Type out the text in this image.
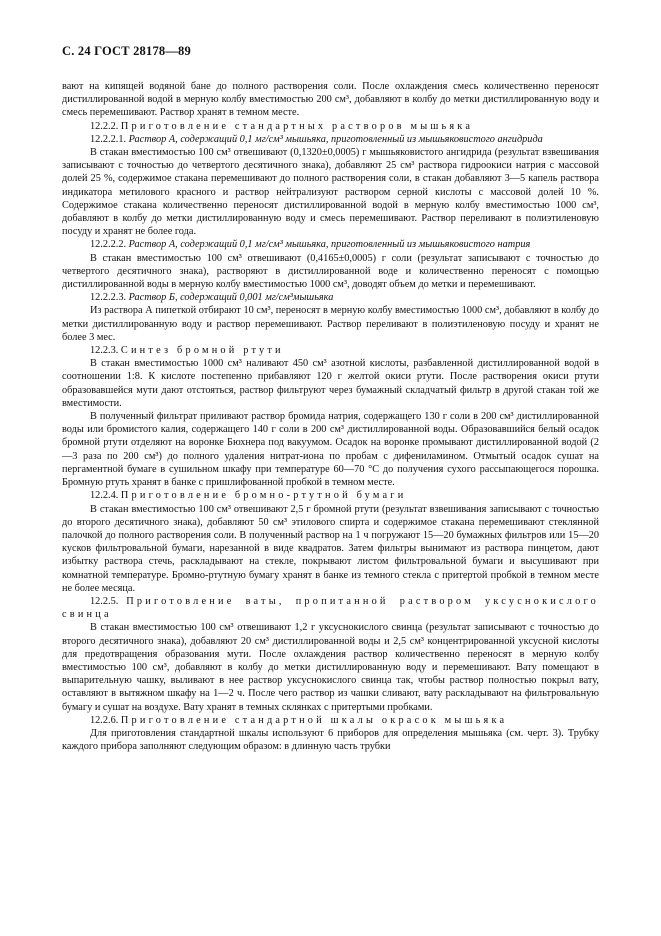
С. 24 ГОСТ 28178—89

вают на кипящей водяной бане до полного растворения соли. После охлаждения смесь количественно переносят дистиллированной водой в мерную колбу вместимостью 200 см³, добавляют в колбу до метки дистиллированную воду и смесь перемешивают. Раствор хранят в темном месте.

12.2.2. Приготовление стандартных растворов мышьяка

12.2.2.1. Раствор А, содержащий 0,1 мг/см³ мышьяка, приготовленный из мышьяковистого ангидрида

В стакан вместимостью 100 см³ отвешивают (0,1320±0,0005) г мышьяковистого ангидрида (результат взвешивания записывают с точностью до четвертого десятичного знака), добавляют 25 см³ раствора гидроокиси натрия с массовой долей 25 %, содержимое стакана перемешивают до полного растворения соли, в стакан добавляют 3—5 капель раствора индикатора метилового красного и раствор нейтрализуют раствором серной кислоты с массовой долей 10 %. Содержимое стакана количественно переносят дистиллированной водой в мерную колбу вместимостью 1000 см³, добавляют в колбу до метки дистиллированную воду и смесь перемешивают. Раствор переливают в полиэтиленовую посуду и хранят не более года.

12.2.2.2. Раствор А, содержащий 0,1 мг/см³ мышьяка, приготовленный из мышьяковистого натрия

В стакан вместимостью 100 см³ отвешивают (0,4165±0,0005) г соли (результат записывают с точностью до четвертого десятичного знака), растворяют в дистиллированной воде и количественно переносят с помощью дистиллированной воды в мерную колбу вместимостью 1000 см³, доводят объем до метки и перемешивают.

12.2.2.3. Раствор Б, содержащий 0,001 мг/см³мышьяка

Из раствора А пипеткой отбирают 10 см³, переносят в мерную колбу вместимостью 1000 см³, добавляют в колбу до метки дистиллированную воду и раствор перемешивают. Раствор переливают в полиэтиленовую посуду и хранят не более 3 мес.

12.2.3. Синтез бромной ртути

В стакан вместимостью 1000 см³ наливают 450 см³ азотной кислоты, разбавленной дистиллированной водой в соотношении 1:8. К кислоте постепенно прибавляют 120 г желтой окиси ртути. После растворения окиси ртути образовавшейся мути дают отстояться, раствор фильтруют через бумажный складчатый фильтр в другой стакан той же вместимости.

В полученный фильтрат приливают раствор бромида натрия, содержащего 130 г соли в 200 см³ дистиллированной воды или бромистого калия, содержащего 140 г соли в 200 см³ дистиллированной воды. Образовавшийся белый осадок бромной ртути отделяют на воронке Бюхнера под вакуумом. Осадок на воронке промывают дистиллированной водой (2—3 раза по 200 см³) до полного удаления нитрат-иона по пробам с дифениламином. Отмытый осадок сушат на пергаментной бумаге в сушильном шкафу при температуре 60—70 °С до получения сухого рассыпающегося порошка. Бромную ртуть хранят в банке с пришлифованной пробкой в темном месте.

12.2.4. Приготовление бромно-ртутной бумаги

В стакан вместимостью 100 см³ отвешивают 2,5 г бромной ртути (результат взвешивания записывают с точностью до второго десятичного знака), добавляют 50 см³ этилового спирта и содержимое стакана перемешивают стеклянной палочкой до полного растворения соли. В полученный раствор на 1 ч погружают 15—20 бумажных фильтров или 15—20 кусков фильтровальной бумаги, нарезанной в виде квадратов. Затем фильтры вынимают из раствора пинцетом, дают избытку раствора стечь, раскладывают на стекле, покрывают листом фильтровальной бумаги и высушивают при комнатной температуре. Бромно-ртутную бумагу хранят в банке из темного стекла с притертой пробкой в темном месте не более месяца.

12.2.5. Приготовление ваты, пропитанной раствором уксуснокислого свинца

В стакан вместимостью 100 см³ отвешивают 1,2 г уксуснокислого свинца (результат записывают с точностью до второго десятичного знака), добавляют 20 см³ дистиллированной воды и 2,5 см³ концентрированной уксусной кислоты для предотвращения образования мути. После охлаждения раствор количественно переносят в мерную колбу вместимостью 100 см³, добавляют в колбу до метки дистиллированную воду и перемешивают. Вату помещают в выпарительную чашку, выливают в нее раствор уксуснокислого свинца так, чтобы раствор полностью покрыл вату, оставляют в вытяжном шкафу на 1—2 ч. После чего раствор из чашки сливают, вату раскладывают на фильтровальную бумагу и сушат на воздухе. Вату хранят в темных склянках с притертыми пробками.

12.2.6. Приготовление стандартной шкалы окрасок мышьяка

Для приготовления стандартной шкалы используют 6 приборов для определения мышьяка (см. черт. 3). Трубку каждого прибора заполняют следующим образом: в длинную часть трубки
